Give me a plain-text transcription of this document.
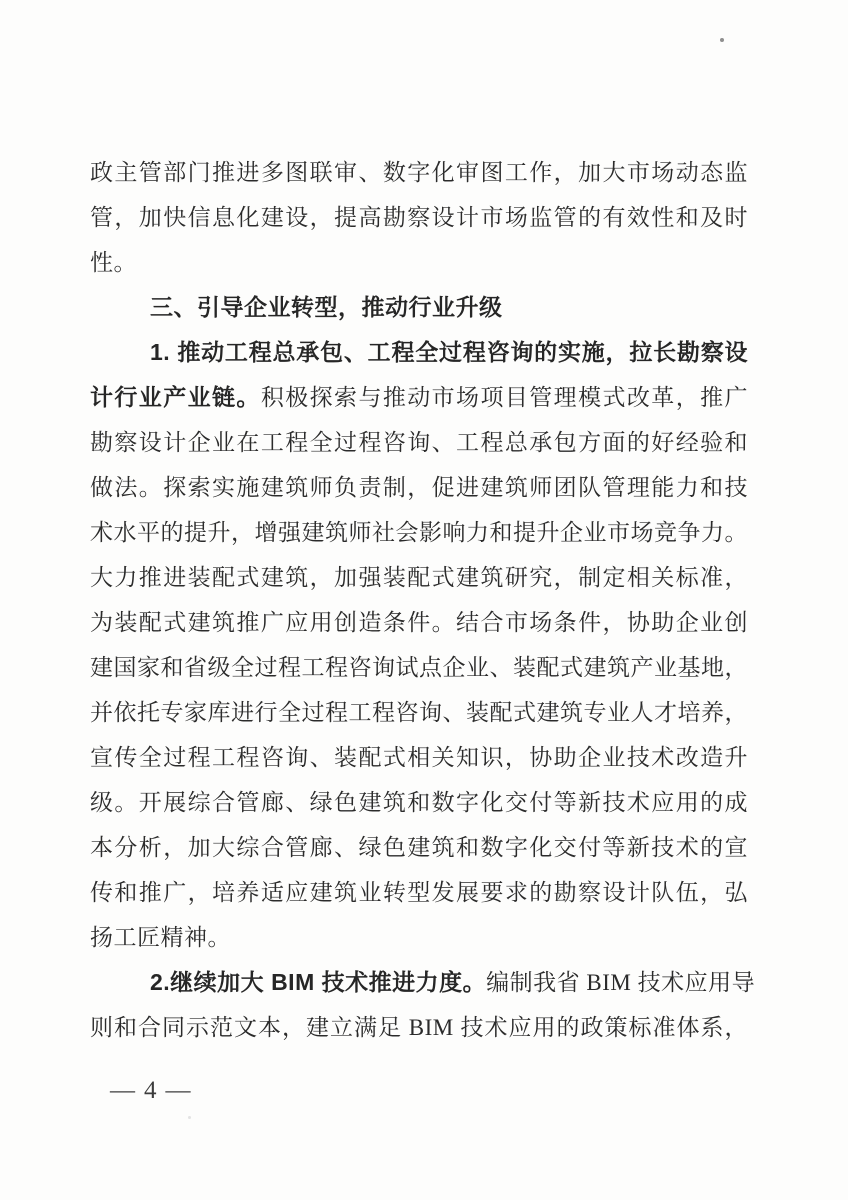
政主管部门推进多图联审、数字化审图工作，加大市场动态监
管，加快信息化建设，提高勘察设计市场监管的有效性和及时
性。
三、引导企业转型，推动行业升级
1. 推动工程总承包、工程全过程咨询的实施，拉长勘察设
计行业产业链。积极探索与推动市场项目管理模式改革，推广
勘察设计企业在工程全过程咨询、工程总承包方面的好经验和
做法。探索实施建筑师负责制，促进建筑师团队管理能力和技
术水平的提升，增强建筑师社会影响力和提升企业市场竞争力。
大力推进装配式建筑，加强装配式建筑研究，制定相关标准，
为装配式建筑推广应用创造条件。结合市场条件，协助企业创
建国家和省级全过程工程咨询试点企业、装配式建筑产业基地，
并依托专家库进行全过程工程咨询、装配式建筑专业人才培养，
宣传全过程工程咨询、装配式相关知识，协助企业技术改造升
级。开展综合管廊、绿色建筑和数字化交付等新技术应用的成
本分析，加大综合管廊、绿色建筑和数字化交付等新技术的宣
传和推广，培养适应建筑业转型发展要求的勘察设计队伍，弘
扬工匠精神。
2.继续加大 BIM 技术推进力度。编制我省 BIM 技术应用导
则和合同示范文本，建立满足 BIM 技术应用的政策标准体系，
— 4 —
